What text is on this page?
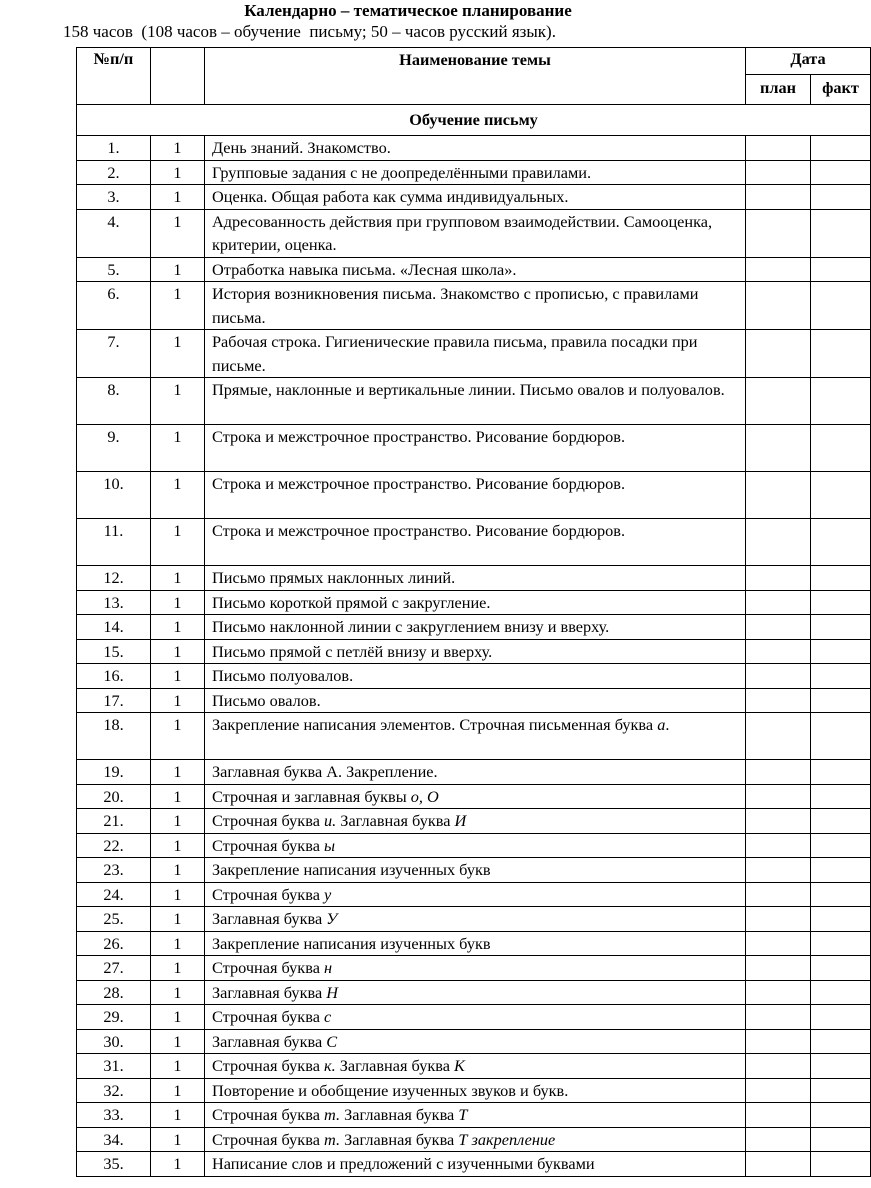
Календарно – тематическое планирование
158 часов  (108 часов – обучение  письму; 50 – часов русский язык).
№п/п		Наименование темы	Дата	
			план	факт
Обучение письму				
1.	1	День знаний. Знакомство.		
2.	1	Групповые задания с не доопределёнными правилами.		
3.	1	Оценка. Общая работа как сумма индивидуальных.		
4.	1	Адресованность действия при групповом взаимодействии. Самооценка, критерии, оценка.		
5.	1	Отработка навыка письма. «Лесная школа».		
6.	1	История возникновения письма. Знакомство с прописью, с правилами письма.		
7.	1	Рабочая строка. Гигиенические правила письма, правила посадки при письме.		
8.	1	Прямые, наклонные и вертикальные линии. Письмо овалов и полуовалов.		
9.	1	Строка и межстрочное пространство. Рисование бордюров.		
10.	1	Строка и межстрочное пространство. Рисование бордюров.		
11.	1	Строка и межстрочное пространство. Рисование бордюров.		
12.	1	Письмо прямых наклонных линий.		
13.	1	Письмо короткой прямой с закругление.		
14.	1	Письмо наклонной линии с закруглением внизу и вверху.		
15.	1	Письмо прямой с петлёй внизу и вверху.		
16.	1	Письмо полуовалов.		
17.	1	Письмо овалов.		
18.	1	Закрепление написания элементов. Строчная письменная буква а.		
19.	1	Заглавная буква А. Закрепление.		
20.	1	Строчная и заглавная буквы о, О		
21.	1	Строчная буква и. Заглавная буква И		
22.	1	Строчная буква ы		
23.	1	Закрепление написания изученных букв		
24.	1	Строчная буква у		
25.	1	Заглавная буква У		
26.	1	Закрепление написания изученных букв		
27.	1	Строчная буква н		
28.	1	Заглавная буква Н		
29.	1	Строчная буква с		
30.	1	Заглавная буква С		
31.	1	Строчная буква к. Заглавная буква К		
32.	1	Повторение и обобщение изученных звуков и букв.		
33.	1	Строчная буква т. Заглавная буква Т		
34.	1	Строчная буква т. Заглавная буква Т закрепление		
35.	1	Написание слов и предложений с изученными буквами		
